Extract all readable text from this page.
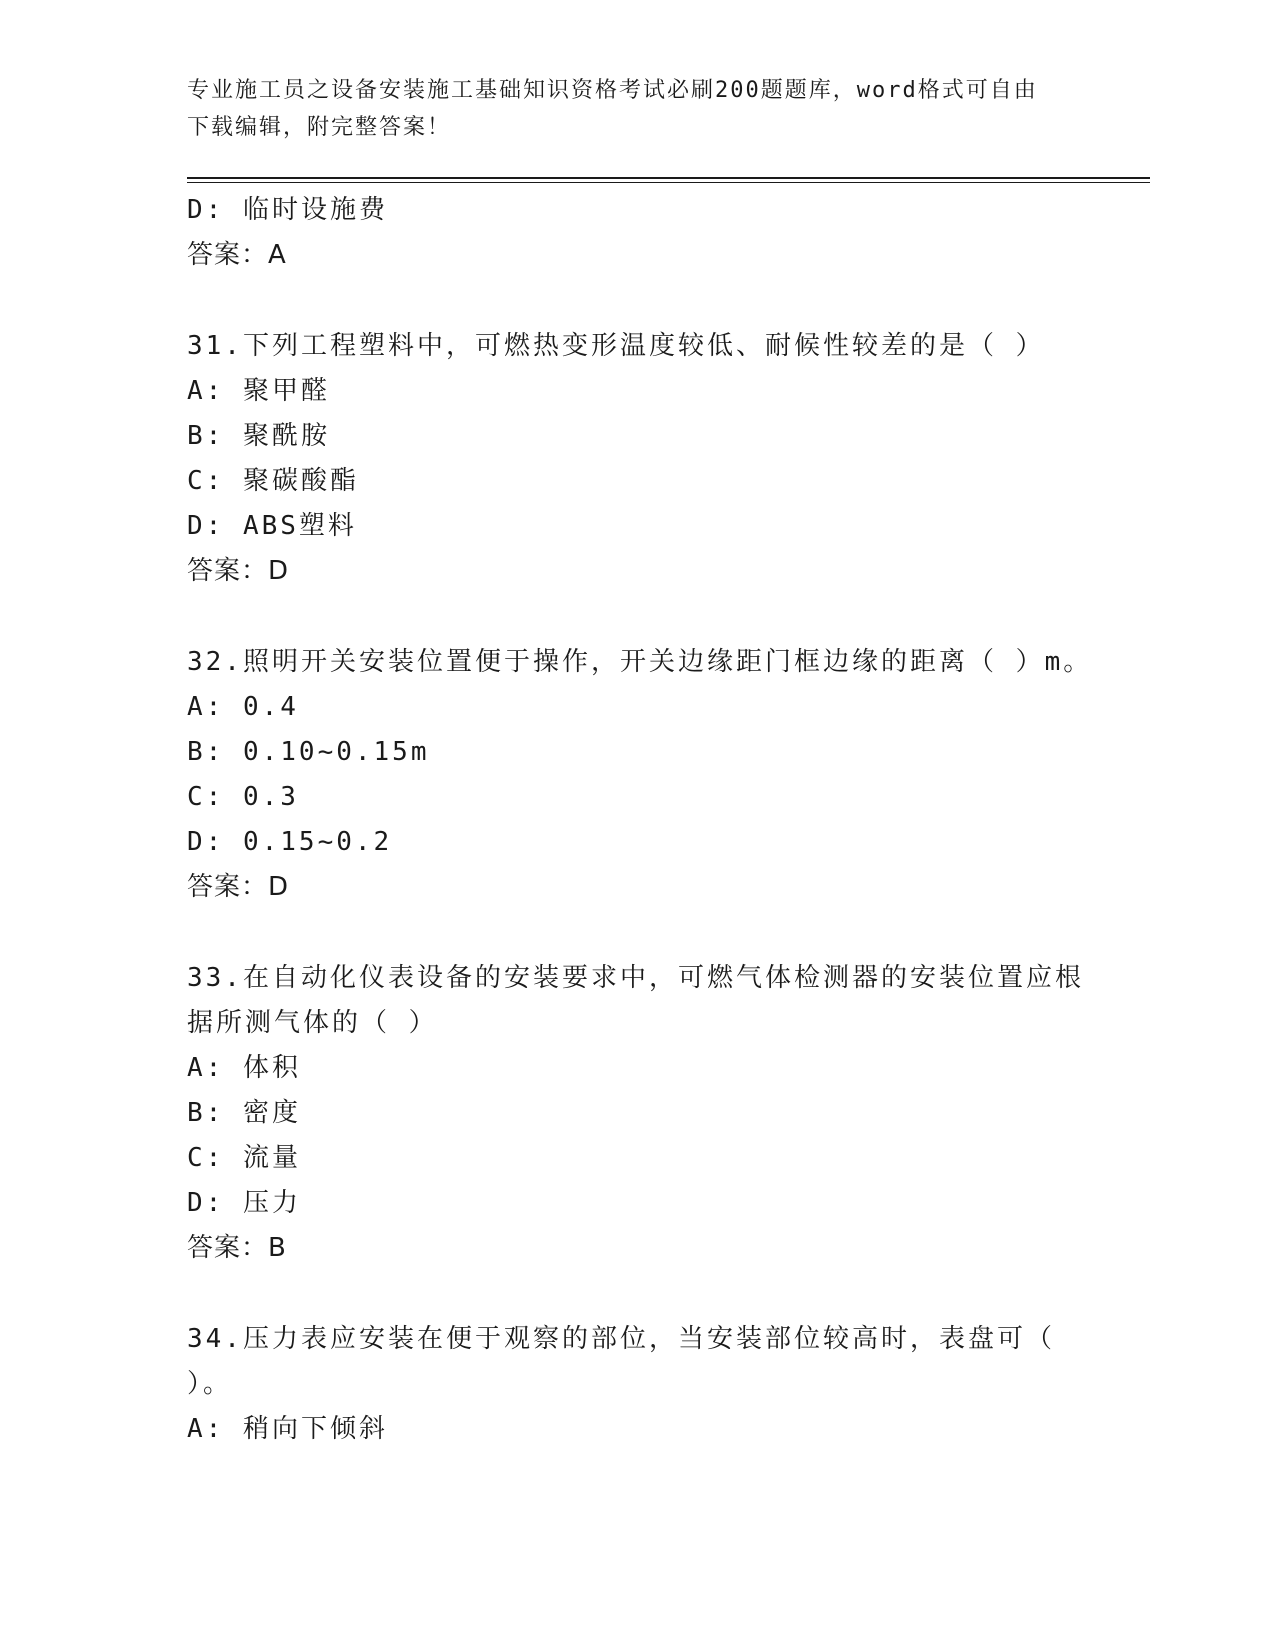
专业施工员之设备安装施工基础知识资格考试必刷200题题库，word格式可自由
下载编辑，附完整答案！
D: 临时设施费
答案：A
31.下列工程塑料中，可燃热变形温度较低、耐候性较差的是（ ）
A: 聚甲醛
B: 聚酰胺
C: 聚碳酸酯
D: ABS塑料
答案：D
32.照明开关安装位置便于操作，开关边缘距门框边缘的距离（ ）m。
A: 0.4
B: 0.10~0.15m
C: 0.3
D: 0.15~0.2
答案：D
33.在自动化仪表设备的安装要求中，可燃气体检测器的安装位置应根
据所测气体的（ ）
A: 体积
B: 密度
C: 流量
D: 压力
答案：B
34.压力表应安装在便于观察的部位，当安装部位较高时，表盘可（
）。
A: 稍向下倾斜
